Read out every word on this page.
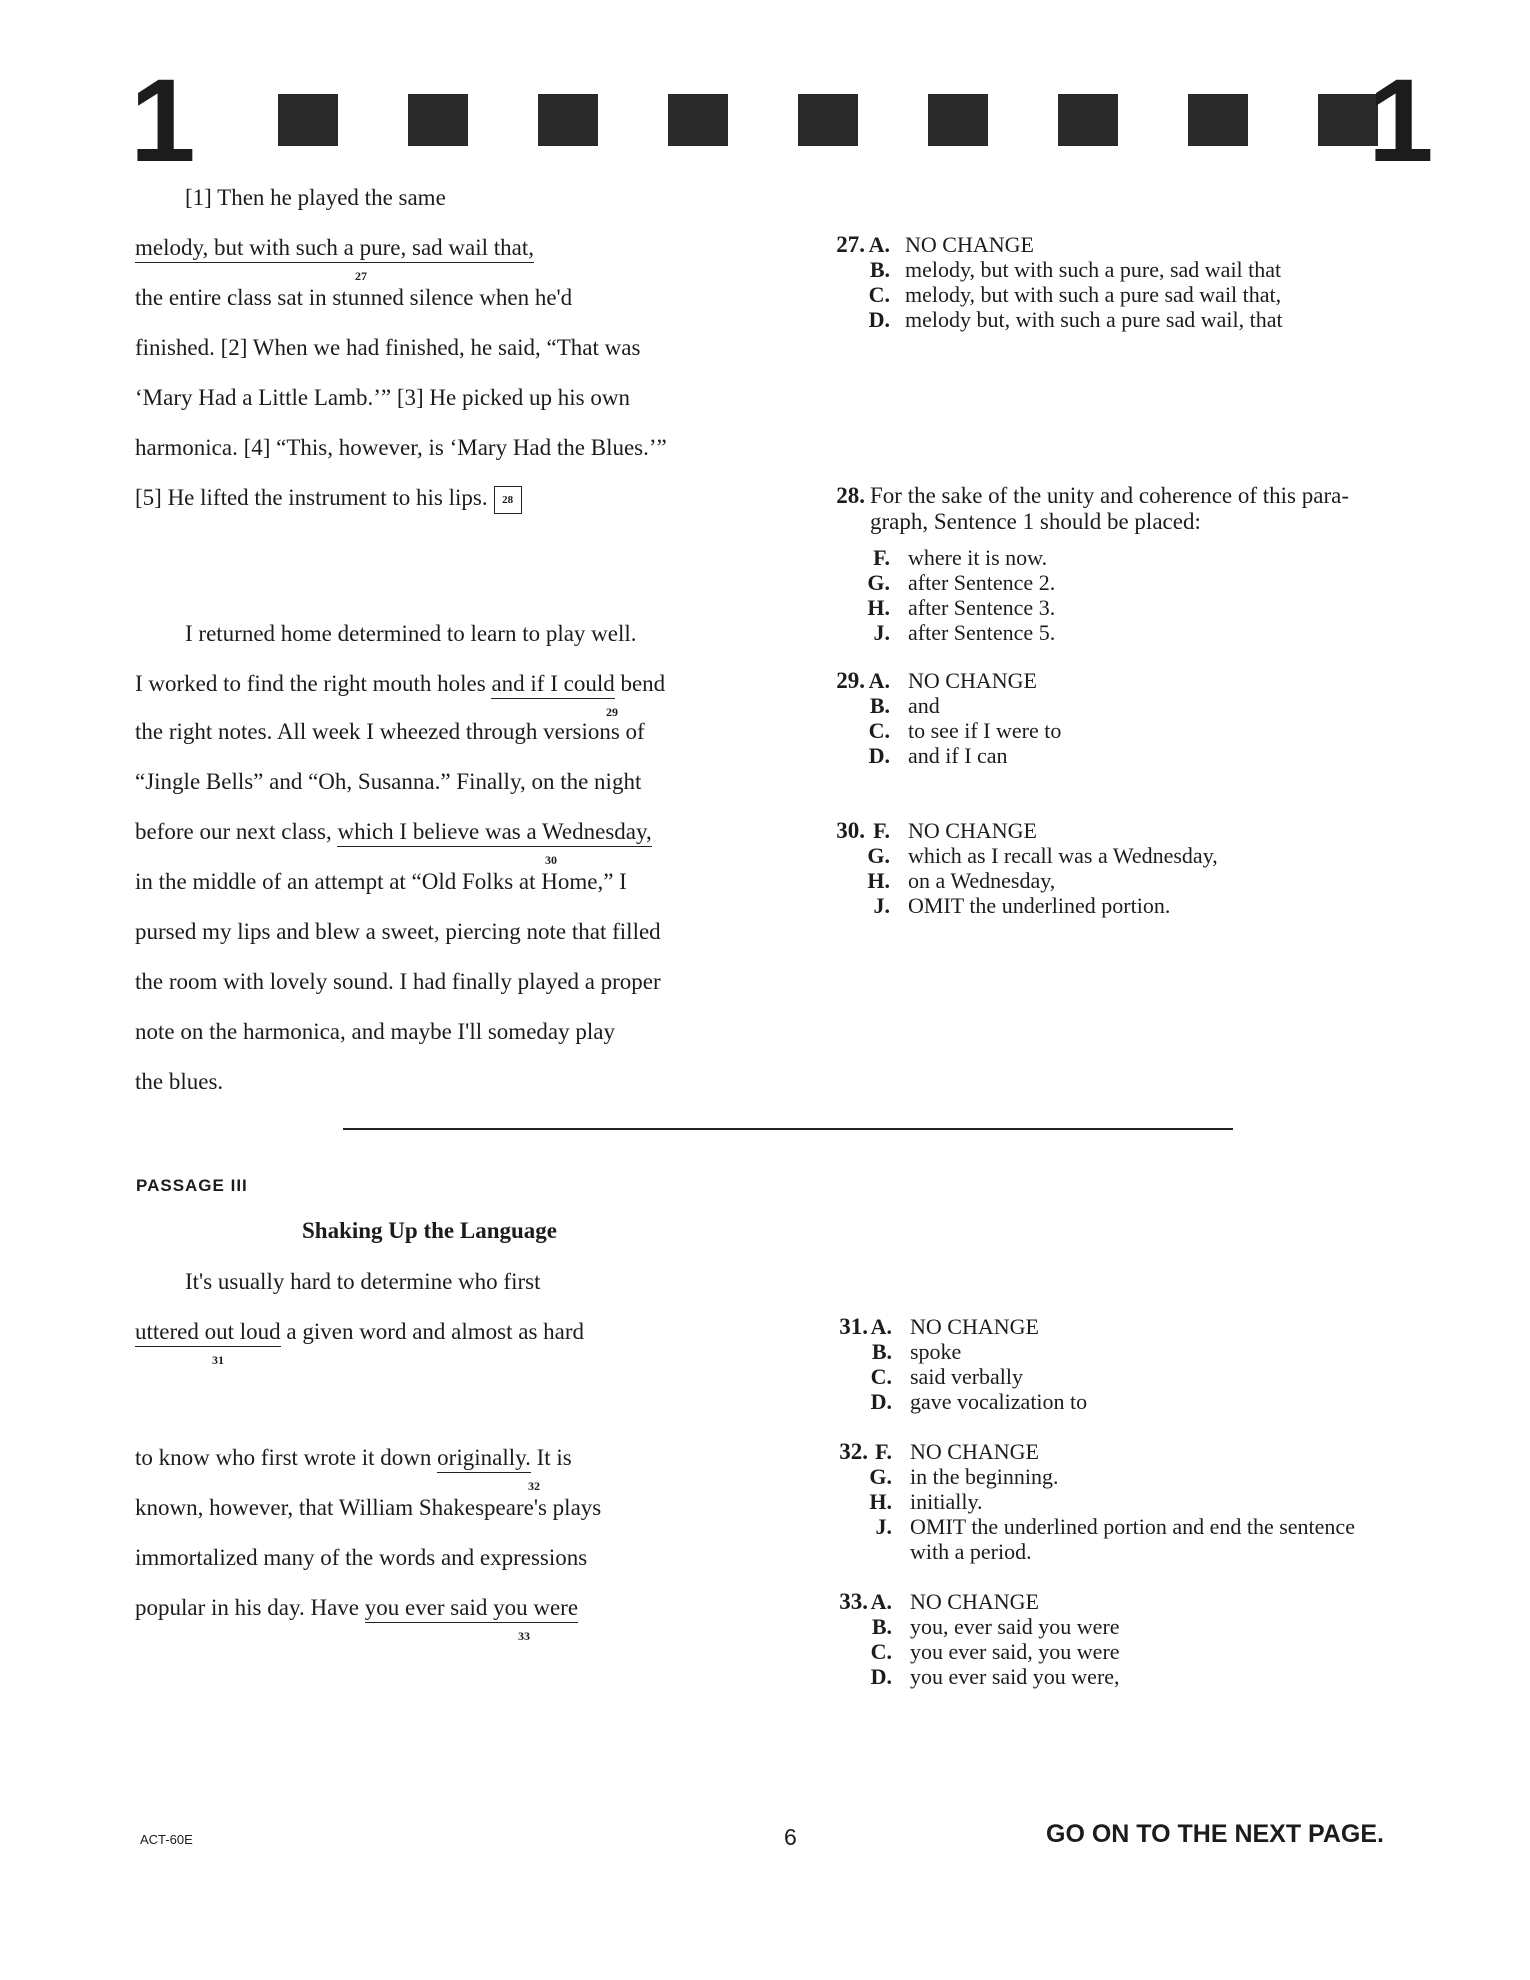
1	1
[1] Then he played the same
melody, but with such a pure, sad wail that,
27
the entire class sat in stunned silence when he'd
finished. [2] When we had finished, he said, “That was
‘Mary Had a Little Lamb.’” [3] He picked up his own
harmonica. [4] “This, however, is ‘Mary Had the Blues.’”
[5] He lifted the instrument to his lips. 28
I returned home determined to learn to play well.
I worked to find the right mouth holes and if I could bend
29
the right notes. All week I wheezed through versions of
“Jingle Bells” and “Oh, Susanna.” Finally, on the night
before our next class, which I believe was a Wednesday,
30
in the middle of an attempt at “Old Folks at Home,” I
pursed my lips and blew a sweet, piercing note that filled
the room with lovely sound. I had finally played a proper
note on the harmonica, and maybe I'll someday play
the blues.
27. A. NO CHANGE
B. melody, but with such a pure, sad wail that
C. melody, but with such a pure sad wail that,
D. melody but, with such a pure sad wail, that
28. For the sake of the unity and coherence of this para-
graph, Sentence 1 should be placed:
F. where it is now.
G. after Sentence 2.
H. after Sentence 3.
J. after Sentence 5.
29. A. NO CHANGE
B. and
C. to see if I were to
D. and if I can
30. F. NO CHANGE
G. which as I recall was a Wednesday,
H. on a Wednesday,
J. OMIT the underlined portion.
PASSAGE III
Shaking Up the Language
It's usually hard to determine who first
uttered out loud a given word and almost as hard
31
to know who first wrote it down originally. It is
32
known, however, that William Shakespeare's plays
immortalized many of the words and expressions
popular in his day. Have you ever said you were
33
31. A. NO CHANGE
B. spoke
C. said verbally
D. gave vocalization to
32. F. NO CHANGE
G. in the beginning.
H. initially.
J. OMIT the underlined portion and end the sentence
with a period.
33. A. NO CHANGE
B. you, ever said you were
C. you ever said, you were
D. you ever said you were,
ACT-60E	6	GO ON TO THE NEXT PAGE.
